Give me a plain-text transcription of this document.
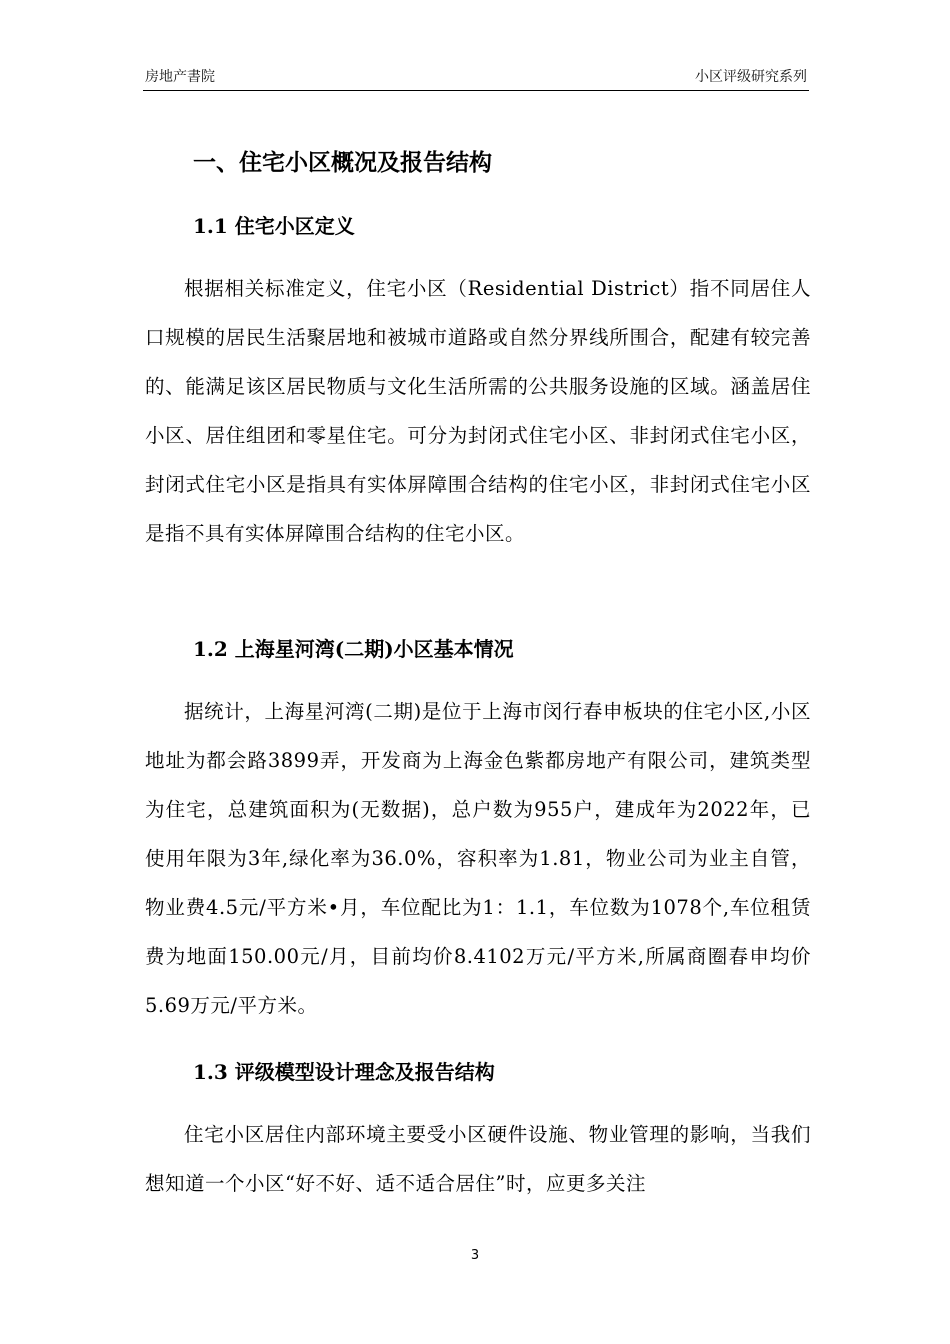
房地产書院	小区评级研究系列
一、住宅小区概况及报告结构
1.1 住宅小区定义
根据相关标准定义，住宅小区（Residential District）指不同居住人口规模的居民生活聚居地和被城市道路或自然分界线所围合，配建有较完善的、能满足该区居民物质与文化生活所需的公共服务设施的区域。涵盖居住小区、居住组团和零星住宅。可分为封闭式住宅小区、非封闭式住宅小区，封闭式住宅小区是指具有实体屏障围合结构的住宅小区，非封闭式住宅小区是指不具有实体屏障围合结构的住宅小区。
1.2 上海星河湾(二期)小区基本情况
据统计，上海星河湾(二期)是位于上海市闵行春申板块的住宅小区,小区地址为都会路3899弄，开发商为上海金色紫都房地产有限公司，建筑类型为住宅，总建筑面积为(无数据)，总户数为955户，建成年为2022年，已使用年限为3年,绿化率为36.0%，容积率为1.81，物业公司为业主自管，物业费4.5元/平方米•月，车位配比为1：1.1，车位数为1078个,车位租赁费为地面150.00元/月，目前均价8.4102万元/平方米,所属商圈春申均价5.69万元/平方米。
1.3 评级模型设计理念及报告结构
住宅小区居住内部环境主要受小区硬件设施、物业管理的影响，当我们想知道一个小区“好不好、适不适合居住”时，应更多关注
3
